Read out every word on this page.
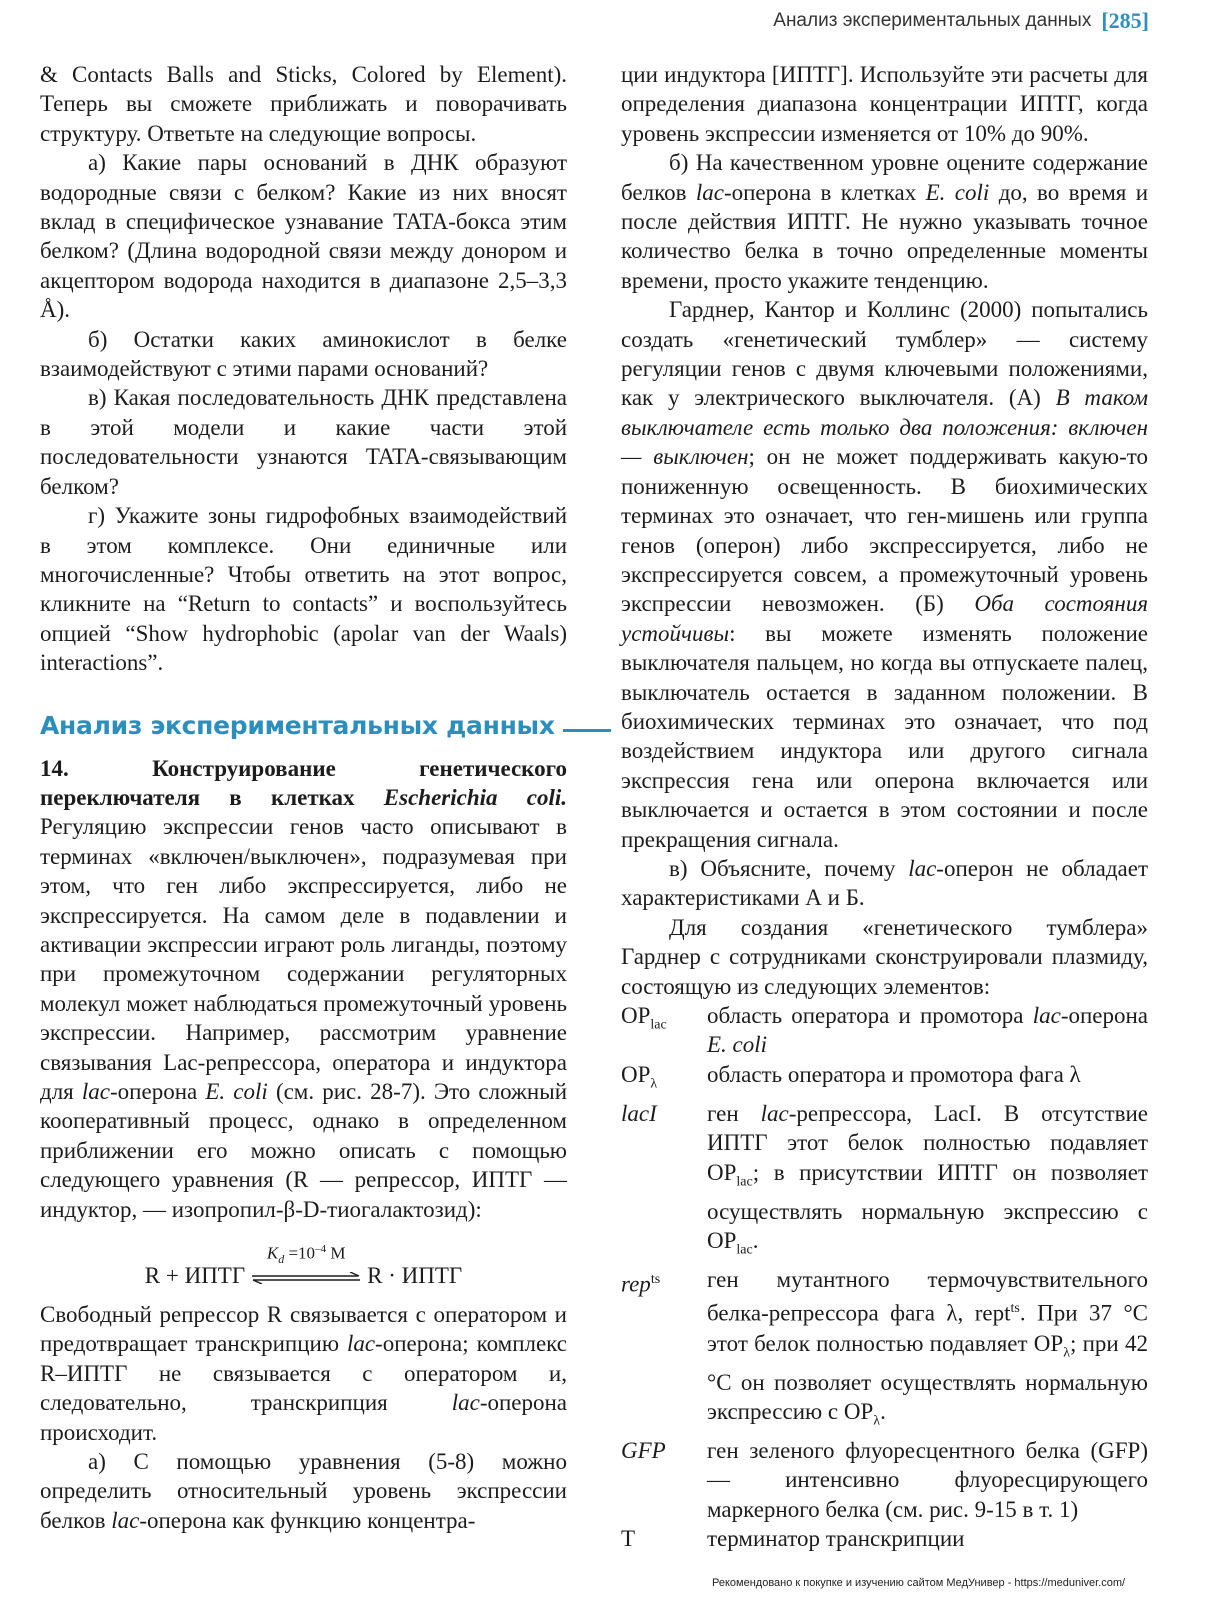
Анализ экспериментальных данных [285]

& Contacts Balls and Sticks, Colored by Element). Теперь вы сможете приближать и поворачивать структуру. Ответьте на следующие вопросы.

а) Какие пары оснований в ДНК образуют водородные связи с белком? Какие из них вносят вклад в специфическое узнавание TATA-бокса этим белком? (Длина водородной связи между донором и акцептором водорода находится в диапазоне 2,5–3,3 Å).

б) Остатки каких аминокислот в белке взаимодействуют с этими парами оснований?

в) Какая последовательность ДНК представлена в этой модели и какие части этой последовательности узнаются TATA-связывающим белком?

г) Укажите зоны гидрофобных взаимодействий в этом комплексе. Они единичные или многочисленные? Чтобы ответить на этот вопрос, кликните на “Return to contacts” и воспользуйтесь опцией “Show hydrophobic (apolar van der Waals) interactions”.

Анализ экспериментальных данных

14. Конструирование генетического переключателя в клетках Escherichia coli. Регуляцию экспрессии генов часто описывают в терминах «включен/выключен», подразумевая при этом, что ген либо экспрессируется, либо не экспрессируется. На самом деле в подавлении и активации экспрессии играют роль лиганды, поэтому при промежуточном содержании регуляторных молекул может наблюдаться промежуточный уровень экспрессии. Например, рассмотрим уравнение связывания Lac-репрессора, оператора и индуктора для lac-оперона E. coli (см. рис. 28-7). Это сложный кооперативный процесс, однако в определенном приближении его можно описать с помощью следующего уравнения (R — репрессор, ИПТГ — индуктор, — изопропил-β-D-тиогалактозид):

R + ИПТГ
$K_d =10^{-4}$ М
R · ИПТГ

Свободный репрессор R связывается с оператором и предотвращает транскрипцию lac-оперона; комплекс R–ИПТГ не связывается с оператором и, следовательно, транскрипция	lac-оперона происходит.

а) С помощью уравнения (5-8) можно определить относительный уровень экспрессии белков lac-оперона как функцию концентра-

ции индуктора [ИПТГ]. Используйте эти расчеты для определения диапазона концентрации ИПТГ, когда уровень экспрессии изменяется от 10% до 90%.

б) На качественном уровне оцените содержание белков lac-оперона в клетках E. coli до, во время и после действия ИПТГ. Не нужно указывать точное количество белка в точно определенные моменты времени, просто укажите тенденцию.

Гарднер, Кантор и Коллинс (2000) попытались создать «генетический тумблер» — систему регуляции генов с двумя ключевыми положениями, как у электрического выключателя. (А) В таком выключателе есть только два положения: включен — выключен; он не может поддерживать какую-то пониженную освещенность. В биохимических терминах это означает, что ген-мишень или группа генов (оперон) либо экспрессируется, либо не экспрессируется совсем, а промежуточный уровень экспрессии невозможен. (Б) Оба состояния устойчивы: вы можете изменять положение выключателя пальцем, но когда вы отпускаете палец, выключатель остается в заданном положении. В биохимических терминах это означает, что под воздействием индуктора или другого сигнала экспрессия гена или оперона включается или выключается и остается в этом состоянии и после прекращения сигнала.

в) Объясните, почему lac-оперон не обладает характеристиками А и Б.

Для создания «генетического тумблера» Гарднер с сотрудниками сконструировали плазмиду, состоящую из следующих элементов:

$OP_{lac}$	область оператора и промотора lac-оперона E. coli
$OP_\lambda$	область оператора и промотора фага λ
lacI	ген lac-репрессора, LacI. В отсутствие ИПТГ этот белок полностью подавляет $OP_{lac}$; в присутствии ИПТГ он позволяет осуществлять нормальную экспрессию с $OP_{lac}$.
rep$^{ts}$	ген мутантного термочувствительного белка-репрессора фага λ, rept$^{ts}$. При 37 °C этот белок полностью подавляет $OP_\lambda$; при 42 °C он позволяет осуществлять нормальную экспрессию с $OP_\lambda$.
GFP	ген зеленого флуоресцентного белка (GFP) — интенсивно флуоресцирующего маркерного белка (см. рис. 9-15 в т. 1)
T	терминатор транскрипции
Рекомендовано к покупке и изучению сайтом МедУнивер - https://meduniver.com/
